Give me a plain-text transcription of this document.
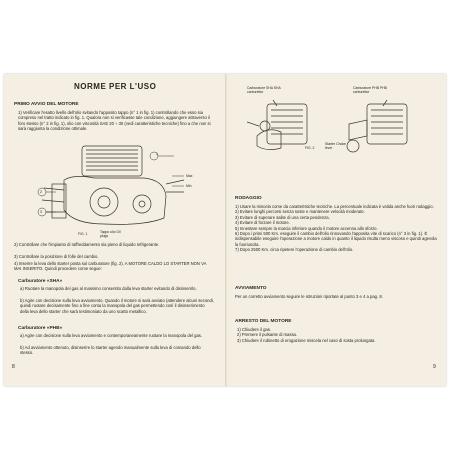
NORME PER L'USO
PRIMO AVVIO DEL MOTORE

1) Verificare l'esatto livello dell'olio svitando l'apposito tappo (n° 1 in fig. 1) controllando che esso sia compreso nel tratto indicato in fig. 1. Qualora non si verificasse tale condizione, aggiungere attraverso il foro stesso (n° 2 in fig. 1), olio con viscosità SAE 20 ÷ 30 (vedi caratteristiche tecniche) fino a che non si sarà raggiunta la condizione ottimale.

1
2
3
Max
Min
FIG. 1	Tappo olio Oil plugs

2) Controllare che l'impianto di raffreddamento sia pieno di liquido refrigerante.

3) Controllare la posizione di folle del cambio.

4) Inserire la leva dello starter posta sul carburatore (fig. 2). A MOTORE CALDO LO STARTER NON VA MAI INSERITO. Quindi procedere come segue:

Carburatore «SHA»

a) Ruotare la manopola del gas al massimo consentito dalla leva starter evitando di disinserirlo.

b) Agire con decisione sulla leva avviamento. Quando il motore si sarà avviato (attendere alcuni secondi, quindi ruotare decisamente fino a fine corsa la manopola del gas permettendo così il disinserimento della leva dello starter che sarà testimoniato da uno scatto metallico.

Carburatore «PHB»

a) Agire con decisione sulla leva avviamento e contemporaneamente ruotare la manopola del gas.

b) Ad avviamento ottenuto, disinserire lo starter agendo manualmente sulla leva di comando dello stesso.

8
Carburatore SHA SHA carburettor
Carburatore PHB PHB carburettor
FIG. 2
Starter Choke lever
RODAGGIO

1) Usare la miscela come da caratteristiche tecniche. La percentuale indicata è valida anche fuori rodaggio.

2) Evitare lunghi percorsi senza soste e mantenere velocità moderate.

3) Evitare di superare salite di una certa pendenza.

4) Evitare di forzare il motore.

5) Innestare sempre la marcia inferiore quando il motore accenna allo sforzo.

6) Dopo i primi 500 Km. eseguire il cambio dell'olio rinnovando l'apposita vite di scarico (n° 3 in fig. 1). È indispensabile eseguire l'operazione a motore caldo in quanto il liquido risulta meno viscoso e quindi agevola la fuoriuscita.

7) Dopo 2500 Km. circa ripetere l'operazione di cambio dell'olio.

AVVIAMENTO

Per un corretto avviamento seguire le istruzioni riportate al punto 3 e 4 a pag. 8.

ARRESTO DEL MOTORE

1) Chiudere il gas.

2) Premere il pulsante di massa.

3) Chiudere il rubinetto di erogazione miscela nel caso di sosta prolungata.

9
